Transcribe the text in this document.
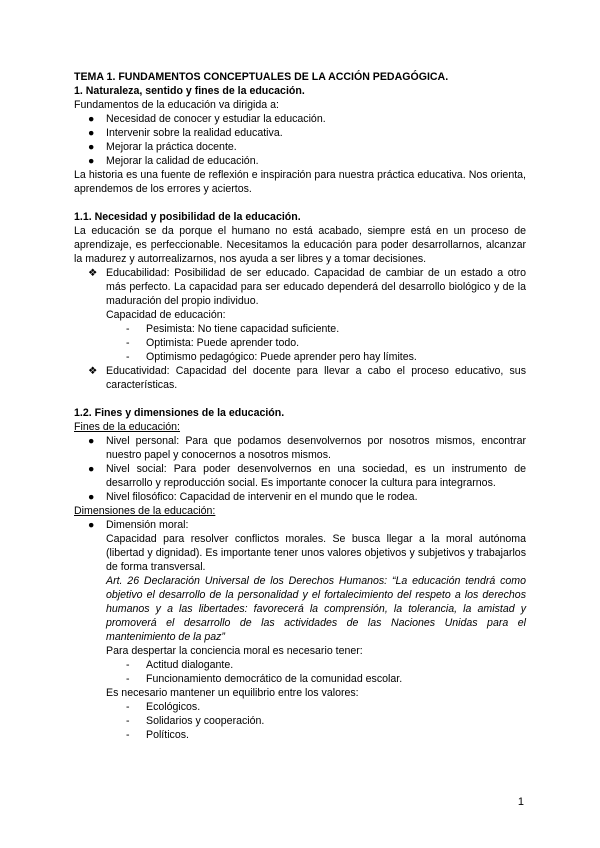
TEMA 1. FUNDAMENTOS CONCEPTUALES DE LA ACCIÓN PEDAGÓGICA.

1. Naturaleza, sentido y fines de la educación.

Fundamentos de la educación va dirigida a:

●	Necesidad de conocer y estudiar la educación.
●	Intervenir sobre la realidad educativa.
●	Mejorar la práctica docente.
●	Mejorar la calidad de educación.

La historia es una fuente de reflexión e inspiración para nuestra práctica educativa. Nos orienta, aprendemos de los errores y aciertos.

1.1. Necesidad y posibilidad de la educación.

La educación se da porque el humano no está acabado, siempre está en un proceso de aprendizaje, es perfeccionable. Necesitamos la educación para poder desarrollarnos, alcanzar la madurez y autorrealizarnos, nos ayuda a ser libres y a tomar decisiones.

❖ Educabilidad: Posibilidad de ser educado. Capacidad de cambiar de un estado a otro más perfecto. La capacidad para ser educado dependerá del desarrollo biológico y de la maduración del propio individuo.

Capacidad de educación:

-	Pesimista: No tiene capacidad suficiente.
-	Optimista: Puede aprender todo.
-	Optimismo pedagógico: Puede aprender pero hay límites.
❖ Educatividad: Capacidad del docente para llevar a cabo el proceso educativo, sus características.

1.2. Fines y dimensiones de la educación.

Fines de la educación:

●	Nivel personal: Para que podamos desenvolvernos por nosotros mismos, encontrar nuestro papel y conocernos a nosotros mismos.
●	Nivel social: Para poder desenvolvernos en una sociedad, es un instrumento de desarrollo y reproducción social. Es importante conocer la cultura para integrarnos.
●	Nivel filosófico: Capacidad de intervenir en el mundo que le rodea.

Dimensiones de la educación:

●	Dimensión moral:

Capacidad para resolver conflictos morales. Se busca llegar a la moral autónoma (libertad y dignidad). Es importante tener unos valores objetivos y subjetivos y trabajarlos de forma transversal.

Art. 26 Declaración Universal de los Derechos Humanos: “La educación tendrá como objetivo el desarrollo de la personalidad y el fortalecimiento del respeto a los derechos humanos y a las libertades: favorecerá la comprensión, la tolerancia, la amistad y promoverá el desarrollo de las actividades de las Naciones Unidas para el mantenimiento de la paz”

Para despertar la conciencia moral es necesario tener:

-	Actitud dialogante.
-	Funcionamiento democrático de la comunidad escolar.

Es necesario mantener un equilibrio entre los valores:

-	Ecológicos.
-	Solidarios y cooperación.
-	Políticos.
1
